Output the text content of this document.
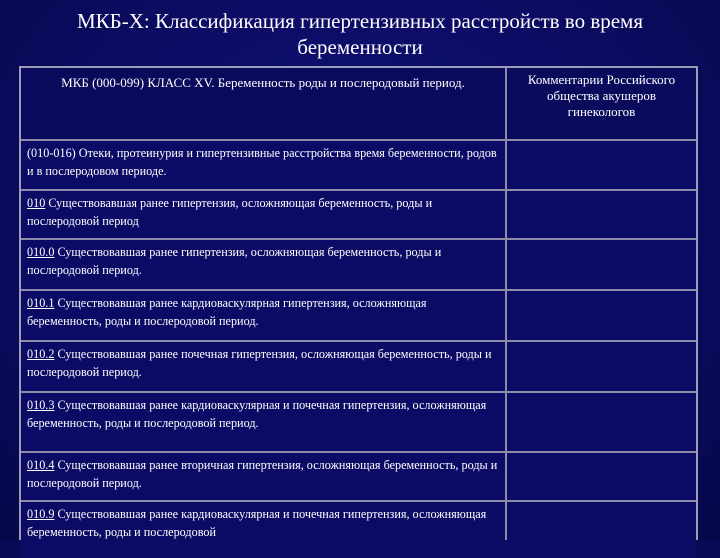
МКБ-Х: Классификация гипертензивных расстройств во время беременности
МКБ (000-099) КЛАСС XV. Беременность роды и послеродовый период.	Комментарии Российского общества акушеров гинекологов
(010-016) Отеки, протеинурия и гипертензивные расстройства время беременности, родов и в послеродовом периоде.
010 Существовавшая ранее гипертензия, осложняющая беременность, роды и послеродовой период
010.0 Существовавшая ранее гипертензия, осложняющая беременность, роды и послеродовой период.
010.1 Существовавшая ранее кардиоваскулярная гипертензия, осложняющая беременность, роды и послеродовой период.
010.2 Существовавшая ранее почечная гипертензия, осложняющая беременность, роды и послеродовой период.
010.3 Существовавшая ранее кардиоваскулярная и почечная гипертензия, осложняющая беременность, роды и послеродовой период.
010.4 Существовавшая ранее вторичная гипертензия, осложняющая беременность, роды и послеродовой период.
010.9 Существовавшая ранее кардиоваскулярная и почечная гипертензия, осложняющая беременность, роды и послеродовой
